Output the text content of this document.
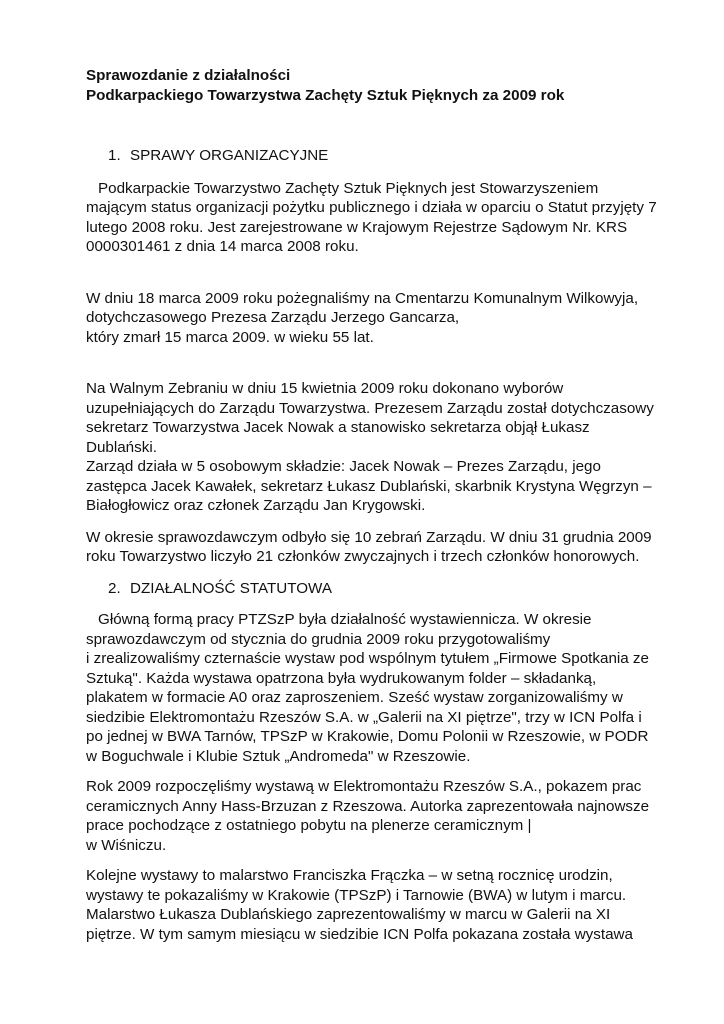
Sprawozdanie z działalności
Podkarpackiego Towarzystwa Zachęty Sztuk Pięknych za 2009 rok
1. SPRAWY ORGANIZACYJNE
Podkarpackie Towarzystwo Zachęty Sztuk Pięknych jest Stowarzyszeniem
mającym status organizacji pożytku publicznego i działa w oparciu o Statut przyjęty 7
lutego 2008 roku. Jest zarejestrowane w Krajowym Rejestrze Sądowym Nr. KRS
0000301461 z dnia 14 marca 2008 roku.
W dniu 18 marca 2009 roku pożegnaliśmy na Cmentarzu Komunalnym Wilkowyja,
dotychczasowego Prezesa Zarządu Jerzego Gancarza,
który zmarł 15 marca 2009. w wieku 55 lat.
Na Walnym Zebraniu w dniu 15 kwietnia 2009 roku dokonano wyborów
uzupełniających do Zarządu Towarzystwa. Prezesem Zarządu został dotychczasowy
sekretarz Towarzystwa Jacek Nowak a stanowisko sekretarza objął Łukasz
Dublański.
Zarząd działa w 5 osobowym składzie: Jacek Nowak – Prezes Zarządu, jego
zastępca Jacek Kawałek, sekretarz Łukasz Dublański, skarbnik Krystyna Węgrzyn –
Białogłowicz oraz członek Zarządu Jan Krygowski.
W okresie sprawozdawczym odbyło się 10 zebrań Zarządu. W dniu 31 grudnia 2009
roku Towarzystwo liczyło 21 członków zwyczajnych i trzech członków honorowych.
2. DZIAŁALNOŚĆ STATUTOWA
Główną formą pracy PTZSzP była działalność wystawiennicza. W okresie
sprawozdawczym od stycznia do grudnia 2009 roku przygotowaliśmy
i zrealizowaliśmy czternaście wystaw pod wspólnym tytułem „Firmowe Spotkania ze
Sztuką". Każda wystawa opatrzona była wydrukowanym folder – składanką,
plakatem w formacie A0 oraz zaproszeniem. Sześć wystaw zorganizowaliśmy w
siedzibie Elektromontażu Rzeszów S.A. w „Galerii na XI piętrze", trzy w ICN Polfa i
po jednej w BWA Tarnów, TPSzP w Krakowie, Domu Polonii w Rzeszowie, w PODR
w Boguchwale i Klubie Sztuk „Andromeda" w Rzeszowie.
Rok 2009 rozpoczęliśmy wystawą w Elektromontażu Rzeszów S.A., pokazem prac
ceramicznych Anny Hass-Brzuzan z Rzeszowa. Autorka zaprezentowała najnowsze
prace pochodzące z ostatniego pobytu na plenerze ceramicznym |
w Wiśniczu.
Kolejne wystawy to malarstwo Franciszka Frączka – w setną rocznicę urodzin,
wystawy te pokazaliśmy w Krakowie (TPSzP) i Tarnowie (BWA) w lutym i marcu.
Malarstwo Łukasza Dublańskiego zaprezentowaliśmy w marcu w Galerii na XI
piętrze. W tym samym miesiącu w siedzibie ICN Polfa pokazana została wystawa
